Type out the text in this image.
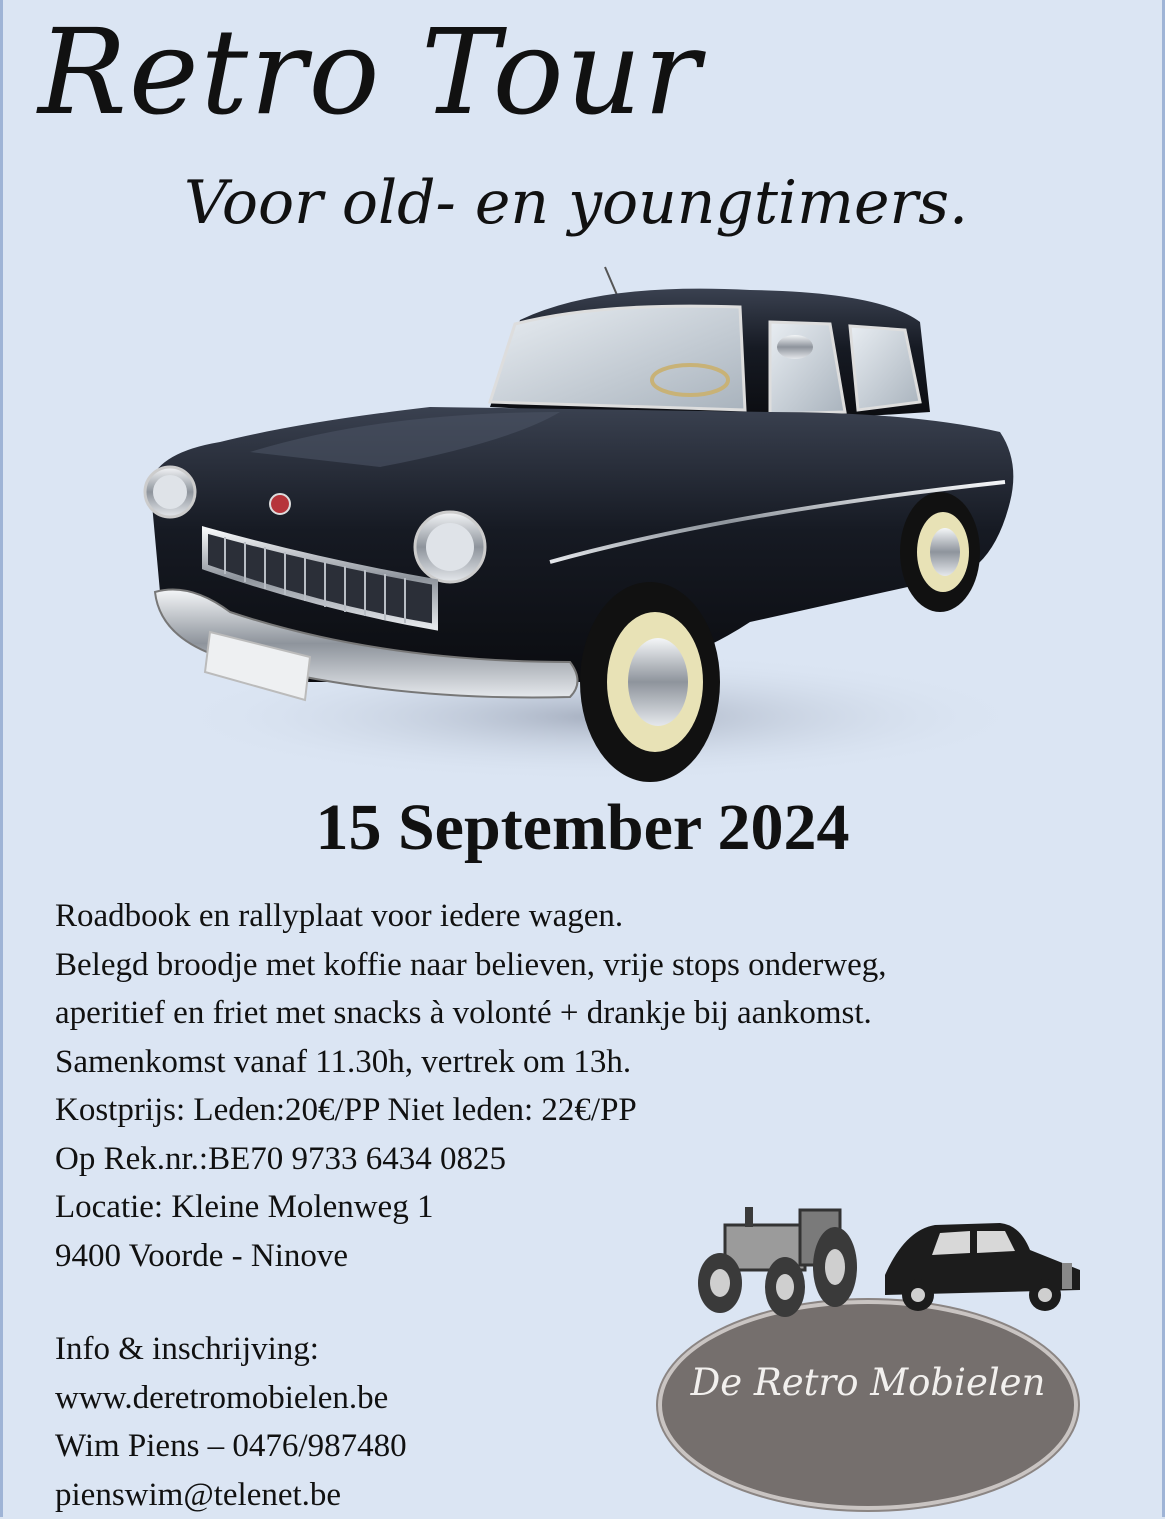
Retro Tour
Voor old- en youngtimers.
15 September 2024
Roadbook en rallyplaat voor iedere wagen.
Belegd broodje met koffie naar believen, vrije stops onderweg,
aperitief en friet met snacks à volonté + drankje bij aankomst.
Samenkomst vanaf 11.30h, vertrek om 13h.
Kostprijs: Leden:20€/PP Niet leden: 22€/PP
Op Rek.nr.:BE70 9733 6434 0825
Locatie: Kleine Molenweg 1
9400 Voorde - Ninove
Info & inschrijving:
www.deretromobielen.be
Wim Piens – 0476/987480
pienswim@telenet.be
De Retro Mobielen
